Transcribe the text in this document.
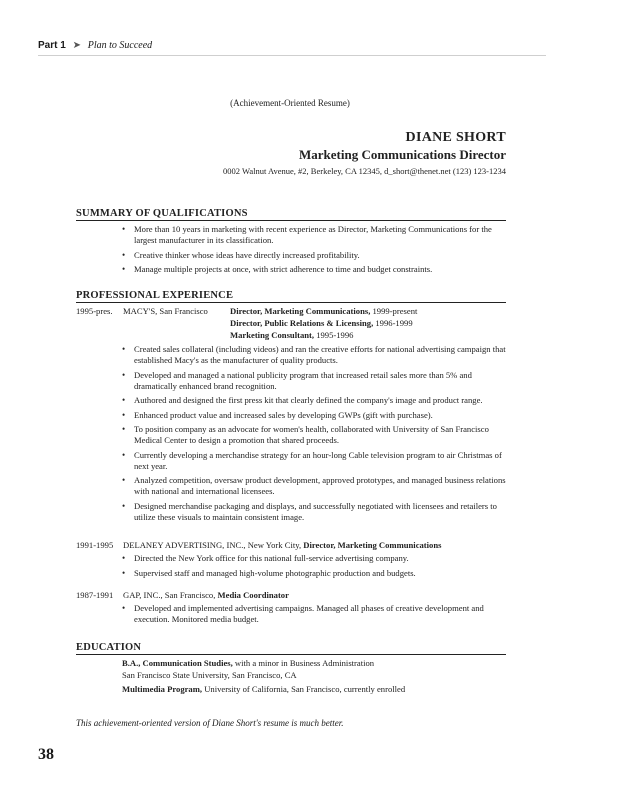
Part 1 ➤ Plan to Succeed
(Achievement-Oriented Resume)
DIANE SHORT
Marketing Communications Director
0002 Walnut Avenue, #2, Berkeley, CA 12345, d_short@thenet.net (123) 123-1234
SUMMARY OF QUALIFICATIONS
• More than 10 years in marketing with recent experience as Director, Marketing Communications for the largest manufacturer in its classification.
• Creative thinker whose ideas have directly increased profitability.
• Manage multiple projects at once, with strict adherence to time and budget constraints.
PROFESSIONAL EXPERIENCE
1995-pres. MACY'S, San Francisco	Director, Marketing Communications, 1999-present
Director, Public Relations & Licensing, 1996-1999
Marketing Consultant, 1995-1996
• Created sales collateral (including videos) and ran the creative efforts for national advertising campaign that established Macy's as the manufacturer of quality products.
• Developed and managed a national publicity program that increased retail sales more than 5% and dramatically enhanced brand recognition.
• Authored and designed the first press kit that clearly defined the company's image and product range.
• Enhanced product value and increased sales by developing GWPs (gift with purchase).
• To position company as an advocate for women's health, collaborated with University of San Francisco Medical Center to design a promotion that shared proceeds.
• Currently developing a merchandise strategy for an hour-long Cable television program to air Christmas of next year.
• Analyzed competition, oversaw product development, approved prototypes, and managed business relations with national and international licensees.
• Designed merchandise packaging and displays, and successfully negotiated with licensees and retailers to utilize these visuals to maintain consistent image.
1991-1995 DELANEY ADVERTISING, INC., New York City, Director, Marketing Communications
• Directed the New York office for this national full-service advertising company.
• Supervised staff and managed high-volume photographic production and budgets.
1987-1991 GAP, INC., San Francisco, Media Coordinator
• Developed and implemented advertising campaigns. Managed all phases of creative development and execution. Monitored media budget.
EDUCATION
B.A., Communication Studies, with a minor in Business Administration
San Francisco State University, San Francisco, CA
Multimedia Program, University of California, San Francisco, currently enrolled
This achievement-oriented version of Diane Short's resume is much better.
38
